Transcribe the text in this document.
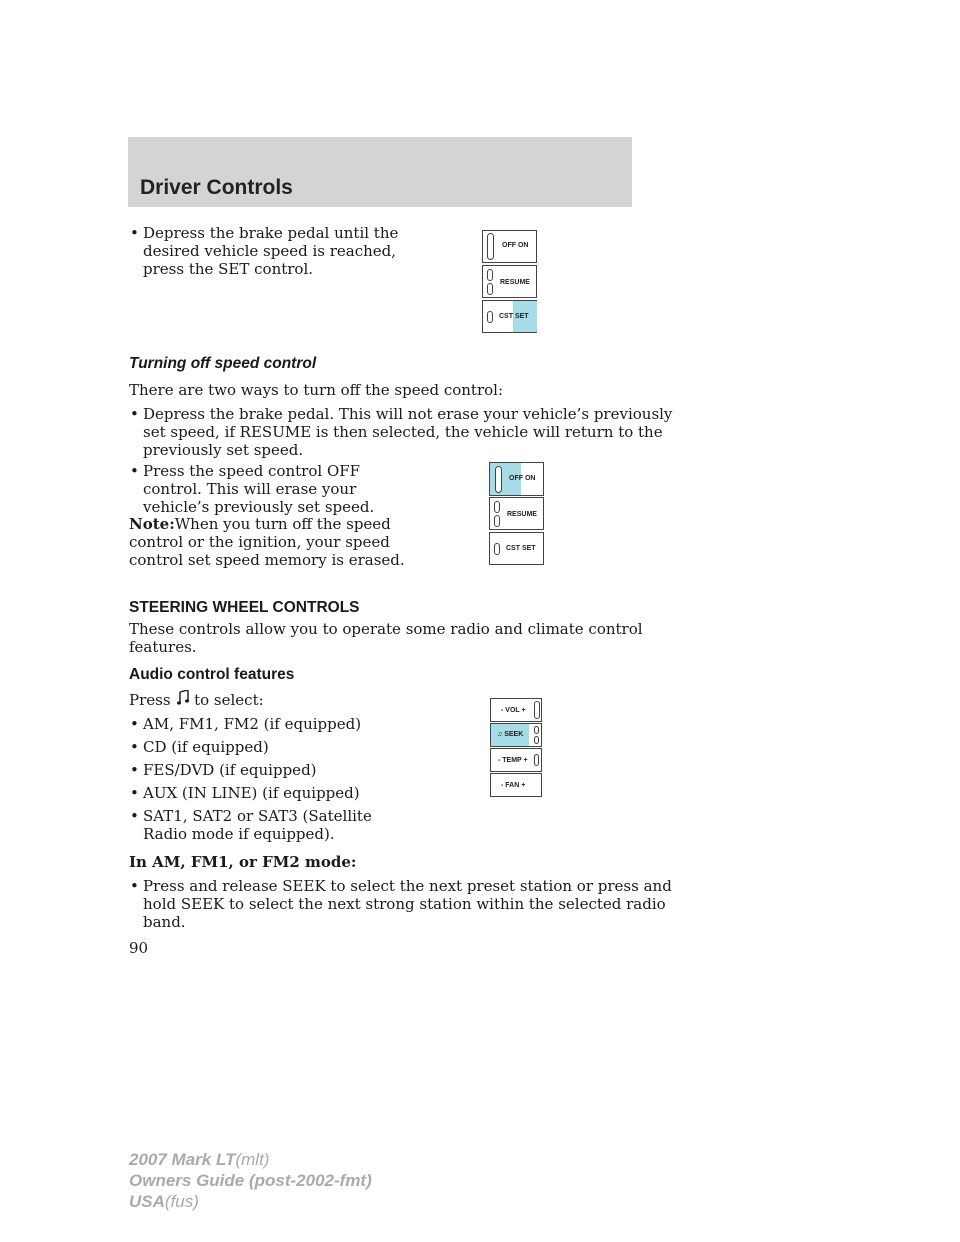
Driver Controls
• Depress the brake pedal until the
desired vehicle speed is reached,
press the SET control.
OFF ON
RESUME
CST SET
Turning off speed control
There are two ways to turn off the speed control:
• Depress the brake pedal. This will not erase your vehicle’s previously
set speed, if RESUME is then selected, the vehicle will return to the
previously set speed.
• Press the speed control OFF
control. This will erase your
vehicle’s previously set speed.
Note:When you turn off the speed
control or the ignition, your speed
control set speed memory is erased.
OFF ON
RESUME
CST SET
STEERING WHEEL CONTROLS
These controls allow you to operate some radio and climate control
features.
Audio control features
Press to select:
• AM, FM1, FM2 (if equipped)
• CD (if equipped)
• FES/DVD (if equipped)
• AUX (IN LINE) (if equipped)
• SAT1, SAT2 or SAT3 (Satellite
Radio mode if equipped).
- VOL +
♫ SEEK
- TEMP +
- FAN +
In AM, FM1, or FM2 mode:
• Press and release SEEK to select the next preset station or press and
hold SEEK to select the next strong station within the selected radio
band.
90
2007 Mark LT(mlt)
Owners Guide (post-2002-fmt)
USA(fus)
